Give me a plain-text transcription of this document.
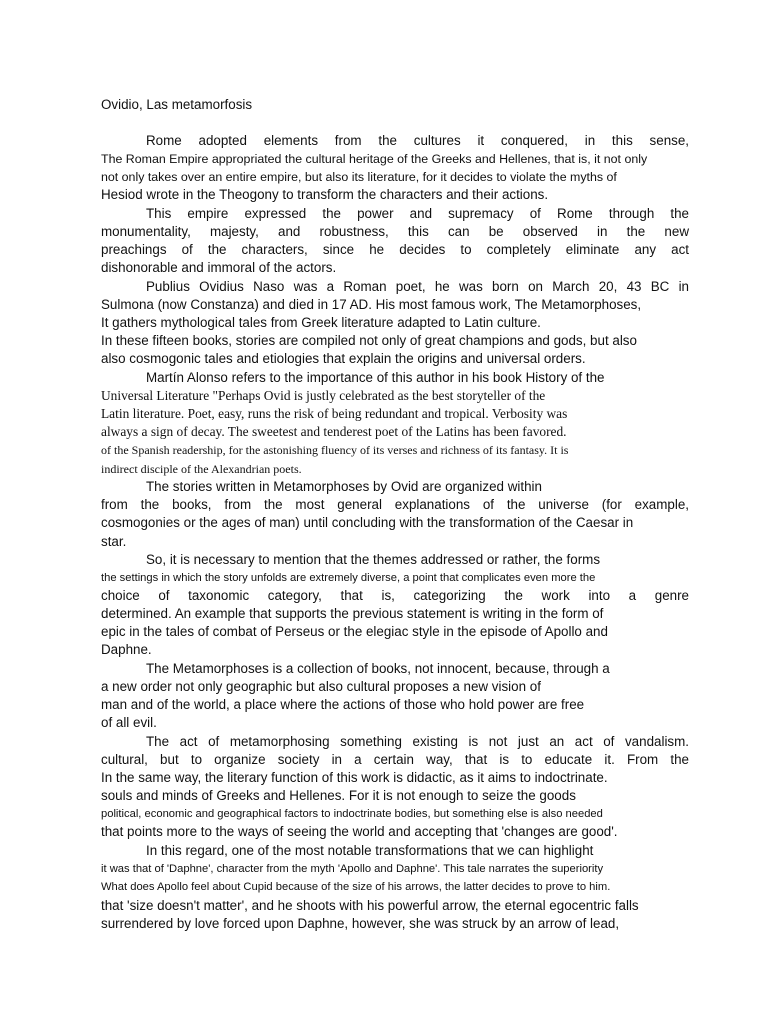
Ovidio, Las metamorfosis
Rome adopted elements from the cultures it conquered, in this sense,
The Roman Empire appropriated the cultural heritage of the Greeks and Hellenes, that is, it not only
not only takes over an entire empire, but also its literature, for it decides to violate the myths of
Hesiod wrote in the Theogony to transform the characters and their actions.
This empire expressed the power and supremacy of Rome through the
monumentality, majesty, and robustness, this can be observed in the new
preachings of the characters, since he decides to completely eliminate any act
dishonorable and immoral of the actors.
Publius Ovidius Naso was a Roman poet, he was born on March 20, 43 BC in
Sulmona (now Constanza) and died in 17 AD. His most famous work, The Metamorphoses,
It gathers mythological tales from Greek literature adapted to Latin culture.
In these fifteen books, stories are compiled not only of great champions and gods, but also
also cosmogonic tales and etiologies that explain the origins and universal orders.
Martín Alonso refers to the importance of this author in his book History of the
Universal Literature "Perhaps Ovid is justly celebrated as the best storyteller of the
Latin literature. Poet, easy, runs the risk of being redundant and tropical. Verbosity was
always a sign of decay. The sweetest and tenderest poet of the Latins has been favored.
of the Spanish readership, for the astonishing fluency of its verses and richness of its fantasy. It is
indirect disciple of the Alexandrian poets.
The stories written in Metamorphoses by Ovid are organized within
from the books, from the most general explanations of the universe (for example,
cosmogonies or the ages of man) until concluding with the transformation of the Caesar in
star.
So, it is necessary to mention that the themes addressed or rather, the forms
the settings in which the story unfolds are extremely diverse, a point that complicates even more the
choice of taxonomic category, that is, categorizing the work into a genre
determined. An example that supports the previous statement is writing in the form of
epic in the tales of combat of Perseus or the elegiac style in the episode of Apollo and
Daphne.
The Metamorphoses is a collection of books, not innocent, because, through a
a new order not only geographic but also cultural proposes a new vision of
man and of the world, a place where the actions of those who hold power are free
of all evil.
The act of metamorphosing something existing is not just an act of vandalism.
cultural, but to organize society in a certain way, that is to educate it. From the
In the same way, the literary function of this work is didactic, as it aims to indoctrinate.
souls and minds of Greeks and Hellenes. For it is not enough to seize the goods
political, economic and geographical factors to indoctrinate bodies, but something else is also needed
that points more to the ways of seeing the world and accepting that 'changes are good'.
In this regard, one of the most notable transformations that we can highlight
it was that of 'Daphne', character from the myth 'Apollo and Daphne'. This tale narrates the superiority
What does Apollo feel about Cupid because of the size of his arrows, the latter decides to prove to him.
that 'size doesn't matter', and he shoots with his powerful arrow, the eternal egocentric falls
surrendered by love forced upon Daphne, however, she was struck by an arrow of lead,
